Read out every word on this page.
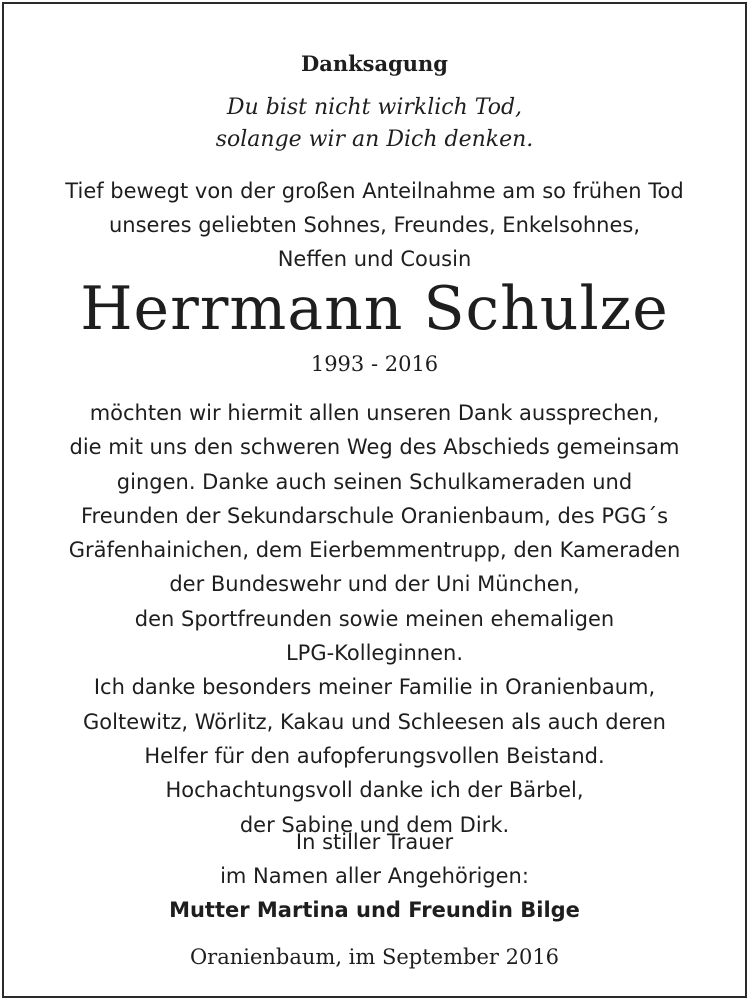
Danksagung
Du bist nicht wirklich Tod,
solange wir an Dich denken.
Tief bewegt von der großen Anteilnahme am so frühen Tod
unseres geliebten Sohnes, Freundes, Enkelsohnes,
Neffen und Cousin
Herrmann Schulze
1993 - 2016
möchten wir hiermit allen unseren Dank aussprechen,
die mit uns den schweren Weg des Abschieds gemeinsam
gingen. Danke auch seinen Schulkameraden und
Freunden der Sekundarschule Oranienbaum, des PGG´s
Gräfenhainichen, dem Eierbemmentrupp, den Kameraden
der Bundeswehr und der Uni München,
den Sportfreunden sowie meinen ehemaligen
LPG-Kolleginnen.
Ich danke besonders meiner Familie in Oranienbaum,
Goltewitz, Wörlitz, Kakau und Schleesen als auch deren
Helfer für den aufopferungsvollen Beistand.
Hochachtungsvoll danke ich der Bärbel,
der Sabine und dem Dirk.
In stiller Trauer
im Namen aller Angehörigen:
Mutter Martina und Freundin Bilge
Oranienbaum, im September 2016
